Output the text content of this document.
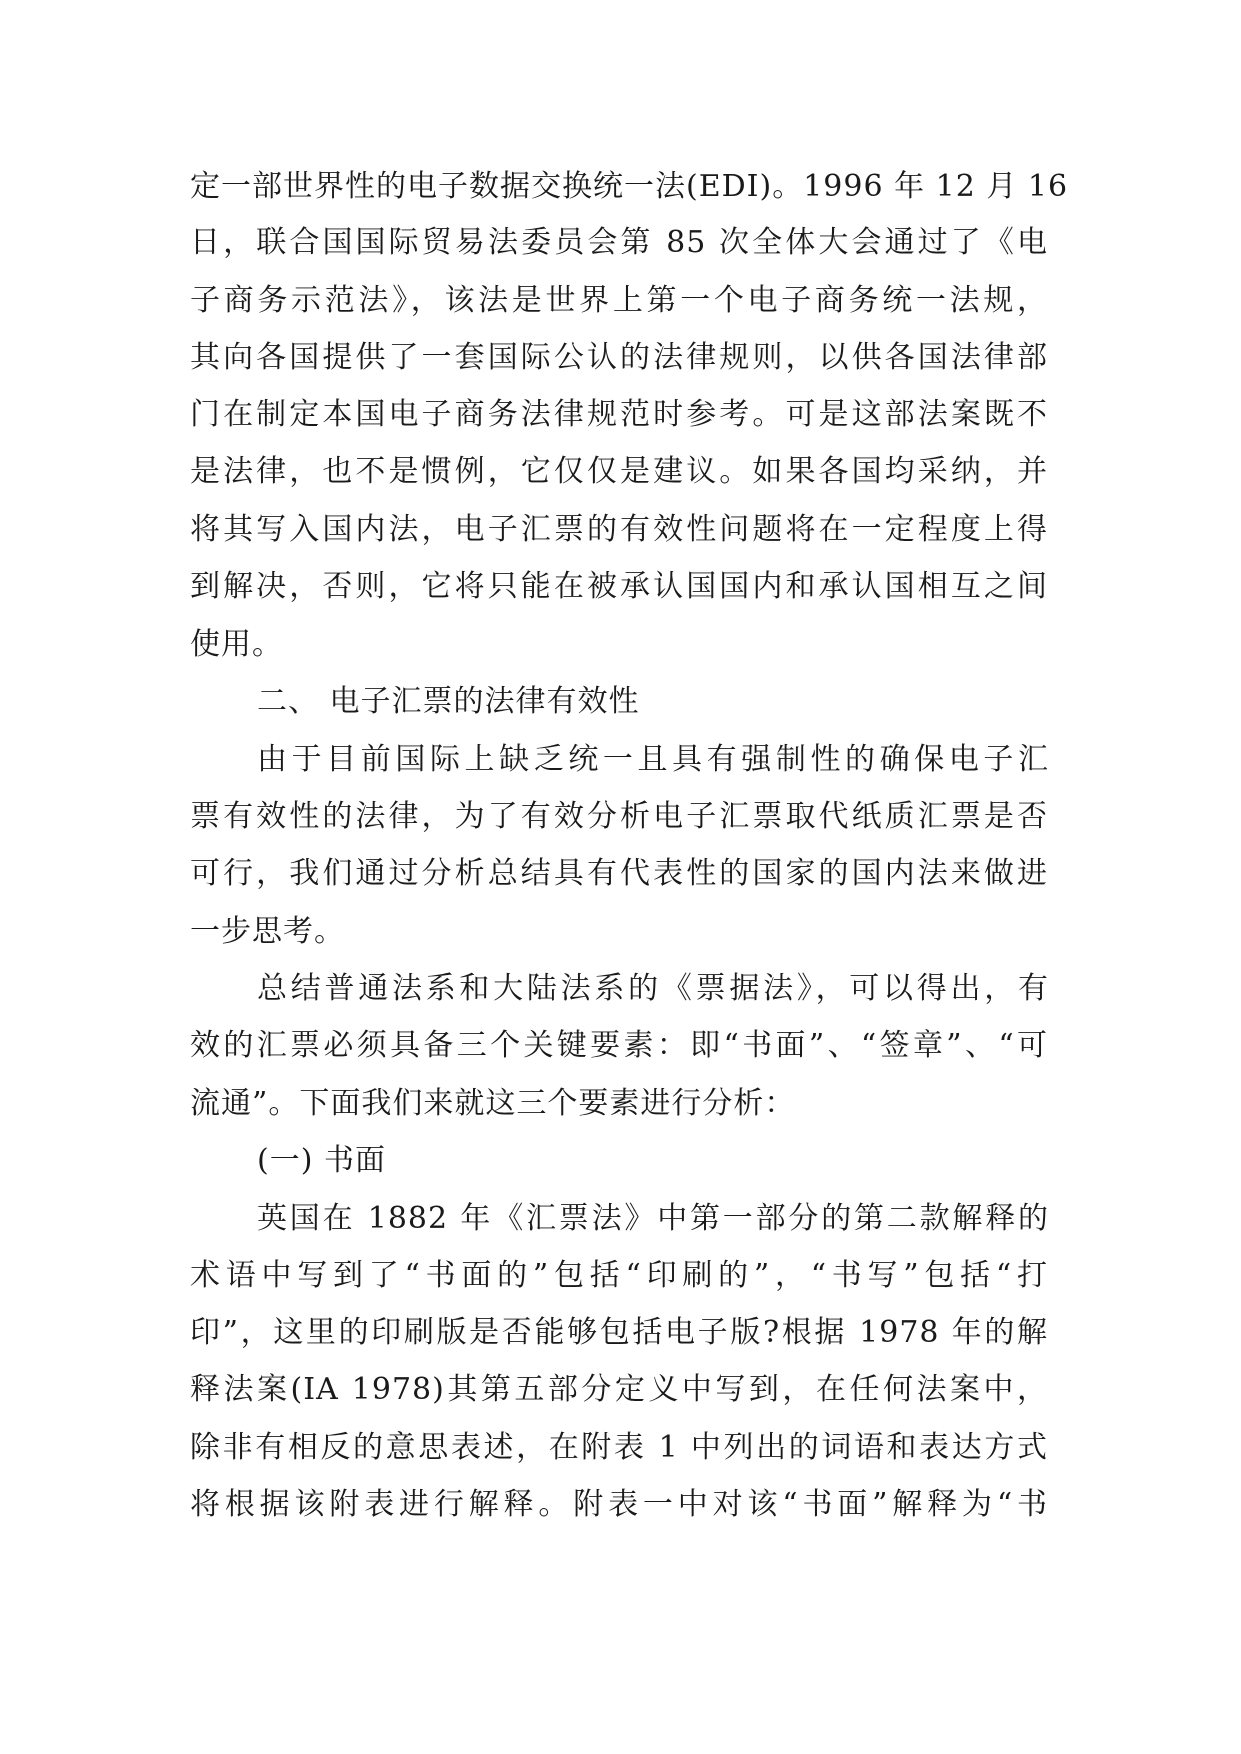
定一部世界性的电子数据交换统一法(EDI)。1996 年 12 月 16
日，联合国国际贸易法委员会第 85 次全体大会通过了《电
子商务示范法》，该法是世界上第一个电子商务统一法规，
其向各国提供了一套国际公认的法律规则，以供各国法律部
门在制定本国电子商务法律规范时参考。可是这部法案既不
是法律，也不是惯例，它仅仅是建议。如果各国均采纳，并
将其写入国内法，电子汇票的有效性问题将在一定程度上得
到解决，否则，它将只能在被承认国国内和承认国相互之间
使用。
二、 电子汇票的法律有效性
由于目前国际上缺乏统一且具有强制性的确保电子汇
票有效性的法律，为了有效分析电子汇票取代纸质汇票是否
可行，我们通过分析总结具有代表性的国家的国内法来做进
一步思考。
总结普通法系和大陆法系的《票据法》，可以得出，有
效的汇票必须具备三个关键要素：即“书面”、“签章”、“可
流通”。下面我们来就这三个要素进行分析：
(一) 书面
英国在 1882 年《汇票法》中第一部分的第二款解释的
术语中写到了“书面的”包括“印刷的”，“书写”包括“打
印”，这里的印刷版是否能够包括电子版?根据 1978 年的解
释法案(IA 1978)其第五部分定义中写到，在任何法案中，
除非有相反的意思表述，在附表 1 中列出的词语和表达方式
将根据该附表进行解释。附表一中对该“书面”解释为“书
